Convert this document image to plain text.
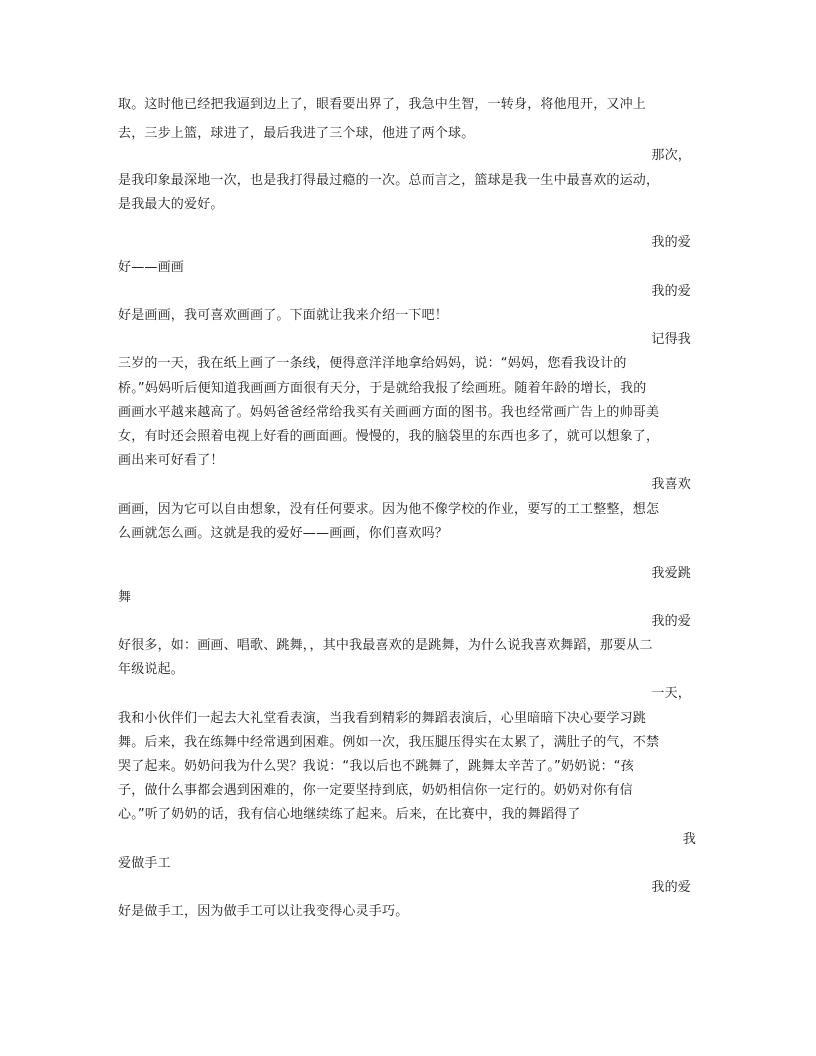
取。这时他已经把我逼到边上了，眼看要出界了，我急中生智，一转身，将他甩开，又冲上
去，三步上篮，球进了，最后我进了三个球，他进了两个球。
那次，
是我印象最深地一次，也是我打得最过瘾的一次。总而言之，篮球是我一生中最喜欢的运动，
是我最大的爱好。
我的爱
好——画画
我的爱
好是画画，我可喜欢画画了。下面就让我来介绍一下吧！
记得我
三岁的一天，我在纸上画了一条线，便得意洋洋地拿给妈妈，说：“妈妈，您看我设计的
桥。”妈妈听后便知道我画画方面很有天分，于是就给我报了绘画班。随着年龄的增长，我的
画画水平越来越高了。妈妈爸爸经常给我买有关画画方面的图书。我也经常画广告上的帅哥美
女，有时还会照着电视上好看的画面画。慢慢的，我的脑袋里的东西也多了，就可以想象了，
画出来可好看了！
我喜欢
画画，因为它可以自由想象，没有任何要求。因为他不像学校的作业，要写的工工整整，想怎
么画就怎么画。这就是我的爱好——画画，你们喜欢吗？
我爱跳
舞
我的爱
好很多，如：画画、唱歌、跳舞，，其中我最喜欢的是跳舞，为什么说我喜欢舞蹈，那要从二
年级说起。
一天，
我和小伙伴们一起去大礼堂看表演，当我看到精彩的舞蹈表演后，心里暗暗下决心要学习跳
舞。后来，我在练舞中经常遇到困难。例如一次，我压腿压得实在太累了，满肚子的气，不禁
哭了起来。奶奶问我为什么哭？我说：“我以后也不跳舞了，跳舞太辛苦了。”奶奶说：“孩
子，做什么事都会遇到困难的，你一定要坚持到底，奶奶相信你一定行的。奶奶对你有信
心。”听了奶奶的话，我有信心地继续练了起来。后来，在比赛中，我的舞蹈得了
我
爱做手工
我的爱
好是做手工，因为做手工可以让我变得心灵手巧。
